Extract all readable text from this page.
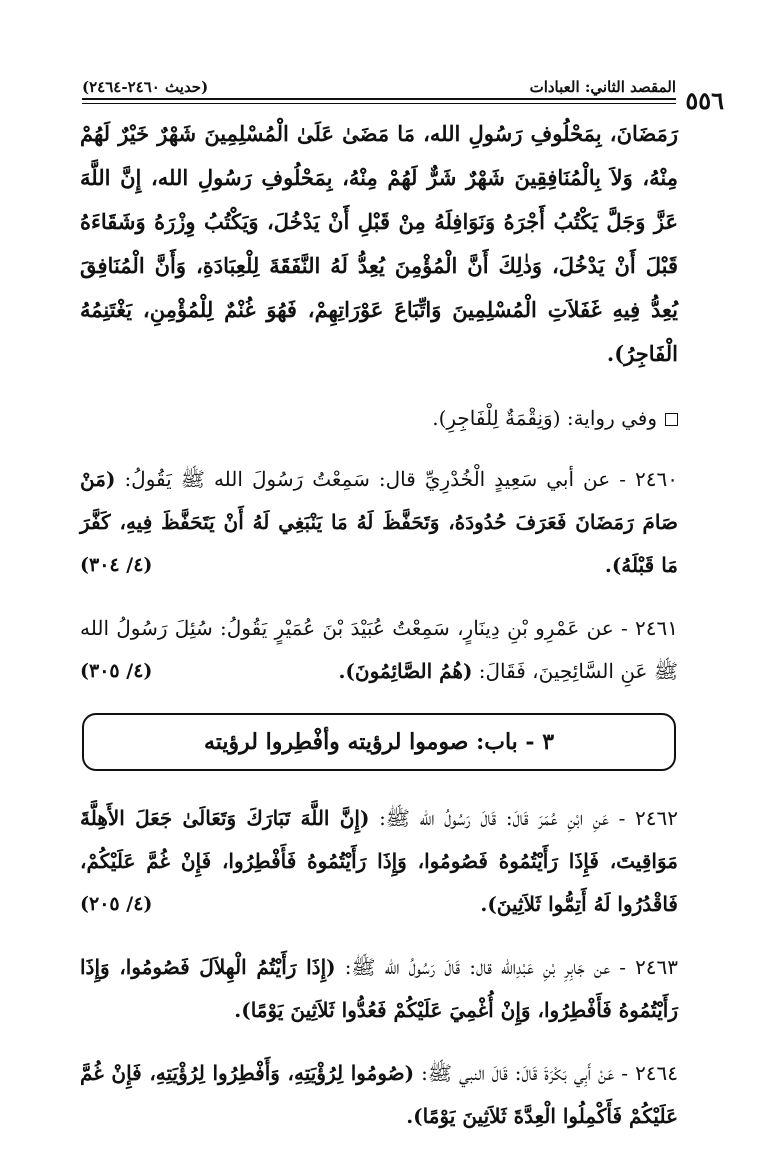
المقصد الثاني: العبادات
(حديث ٢٤٦٠-٢٤٦٤)	٥٥٦

رَمَضَانَ، بِمَحْلُوفِ رَسُولِ الله، مَا مَضَىٰ عَلَىٰ الْمُسْلِمِينَ شَهْرٌ خَيْرٌ لَهُمْ مِنْهُ، وَلاَ بِالْمُنَافِقِينَ شَهْرٌ شَرٌّ لَهُمْ مِنْهُ، بِمَحْلُوفِ رَسُولِ الله، إِنَّ اللَّهَ عَزَّ وَجَلَّ يَكْتُبُ أَجْرَهُ وَنَوَافِلَهُ مِنْ قَبْلِ أَنْ يَدْخُلَ، وَيَكْتُبُ وِزْرَهُ وَشَقَاءَهُ قَبْلَ أَنْ يَدْخُلَ، وَذٰلِكَ أَنَّ الْمُؤْمِنَ يُعِدُّ لَهُ النَّفَقَةَ لِلْعِبَادَةِ، وَأَنَّ الْمُنَافِقَ يُعِدُّ فِيهِ غَفَلاَتِ الْمُسْلِمِينَ وَاتِّبَاعَ عَوْرَاتِهِمْ، فَهُوَ غُنْمٌ لِلْمُؤْمِنِ، يَغْتَنِمُهُ الْفَاجِرُ).

وفي رواية: (وَنِقْمَةٌ لِلْفَاجِرِ).

٢٤٦٠ - عن أبي سَعِيدٍ الْخُدْرِيِّ قال: سَمِعْتُ رَسُولَ الله ﷺ يَقُولُ: (مَنْ صَامَ رَمَضَانَ فَعَرَفَ حُدُودَهُ، وَتَحَفَّظَ لَهُ مَا يَنْبَغِي لَهُ أَنْ يَتَحَفَّظَ فِيهِ، كَفَّرَ مَا قَبْلَهُ).
(٤/ ٣٠٤)

٢٤٦١ - عن عَمْرِو بْنِ دِينَارٍ، سَمِعْتُ عُبَيْدَ بْنَ عُمَيْرٍ يَقُولُ: سُئِلَ رَسُولُ الله ﷺ عَنِ السَّائِحِينَ، فَقَالَ: (هُمُ الصَّائِمُونَ).
(٤/ ٣٠٥)

٣ - باب: صوموا لرؤيته وأفْطِروا لرؤيته

٢٤٦٢ - عَنِ ابْنِ عُمَرَ قَالَ: قَالَ رَسُولُ الله ﷺ: (إِنَّ اللَّهَ تَبَارَكَ وَتَعَالَىٰ جَعَلَ الأَهِلَّةَ مَوَاقِيتَ، فَإِذَا رَأَيْتُمُوهُ فَصُومُوا، وَإِذَا رَأَيْتُمُوهُ فَأَفْطِرُوا، فَإِنْ غُمَّ عَلَيْكُمْ، فَاقْدُرُوا لَهُ أَتِمُّوا ثَلاَثِينَ).
(٤/ ٢٠٥)

٢٤٦٣ - عن جَابِرِ بْنِ عَبْدِالله قال: قَالَ رَسُولُ الله ﷺ: (إِذَا رَأَيْتُمُ الْهِلاَلَ فَصُومُوا، وَإِذَا رَأَيْتُمُوهُ فَأَفْطِرُوا، وَإِنْ أُغْمِيَ عَلَيْكُمْ فَعُدُّوا ثَلاَثِينَ يَوْمًا).

٢٤٦٤ - عَنْ أَبِي بَكْرَةَ قَالَ: قَالَ النبي ﷺ: (صُومُوا لِرُؤْيَتِهِ، وَأَفْطِرُوا لِرُؤْيَتِهِ، فَإِنْ غُمَّ عَلَيْكُمْ فَأَكْمِلُوا الْعِدَّةَ ثَلاَثِينَ يَوْمًا).
